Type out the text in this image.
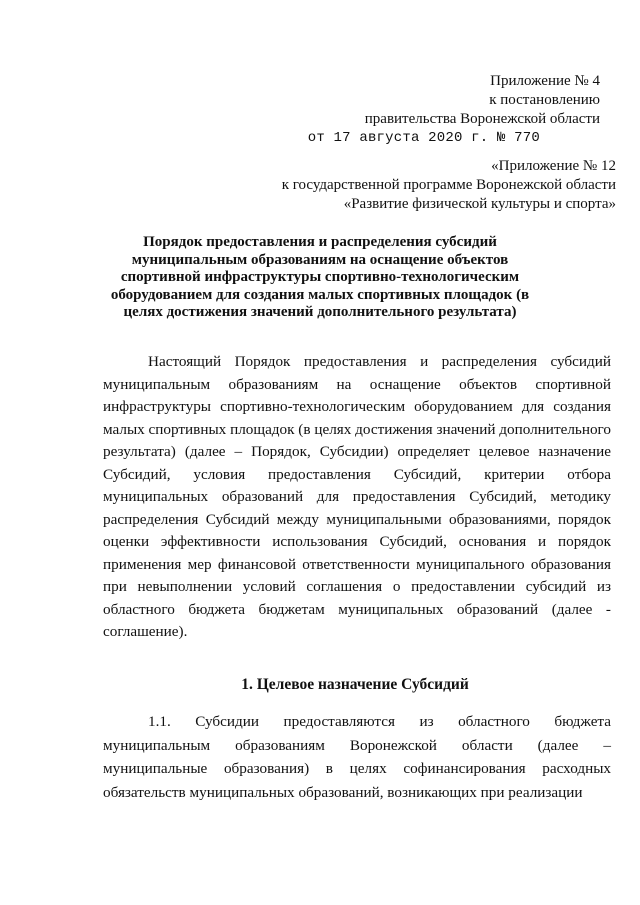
Приложение № 4
к постановлению
правительства Воронежской области
от 17 августа 2020 г. № 770
«Приложение № 12
к государственной программе Воронежской области
«Развитие физической культуры и спорта»
Порядок предоставления и распределения субсидий муниципальным образованиям на оснащение объектов спортивной инфраструктуры спортивно-технологическим оборудованием для создания малых спортивных площадок (в целях достижения значений дополнительного результата)
Настоящий Порядок предоставления и распределения субсидий муниципальным образованиям на оснащение объектов спортивной инфраструктуры спортивно-технологическим оборудованием для создания малых спортивных площадок (в целях достижения значений дополнительного результата) (далее – Порядок, Субсидии) определяет целевое назначение Субсидий, условия предоставления Субсидий, критерии отбора муниципальных образований для предоставления Субсидий, методику распределения Субсидий между муниципальными образованиями, порядок оценки эффективности использования Субсидий, основания и порядок применения мер финансовой ответственности муниципального образования при невыполнении условий соглашения о предоставлении субсидий из областного бюджета бюджетам муниципальных образований (далее - соглашение).
1. Целевое назначение Субсидий
1.1. Субсидии предоставляются из областного бюджета муниципальным образованиям Воронежской области (далее – муниципальные образования) в целях софинансирования расходных обязательств муниципальных образований, возникающих при реализации
